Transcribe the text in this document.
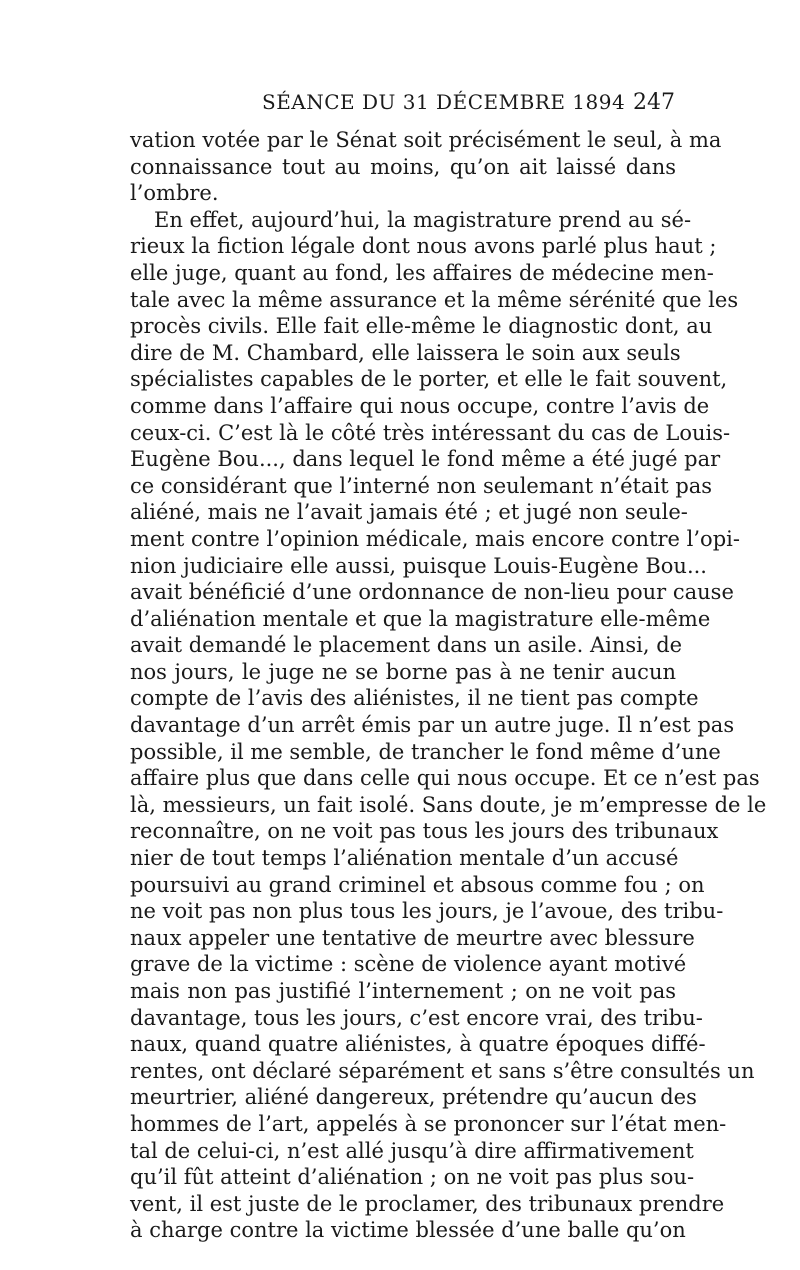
SÉANCE DU 31 DÉCEMBRE 1894 247
vation votée par le Sénat soit précisément le seul, à ma
connaissance tout au moins, qu’on ait laissé dans
l’ombre.
En effet, aujourd’hui, la magistrature prend au sé-
rieux la fiction légale dont nous avons parlé plus haut ;
elle juge, quant au fond, les affaires de médecine men-
tale avec la même assurance et la même sérénité que les
procès civils. Elle fait elle-même le diagnostic dont, au
dire de M. Chambard, elle laissera le soin aux seuls
spécialistes capables de le porter, et elle le fait souvent,
comme dans l’affaire qui nous occupe, contre l’avis de
ceux-ci. C’est là le côté très intéressant du cas de Louis-
Eugène Bou..., dans lequel le fond même a été jugé par
ce considérant que l’interné non seulemant n’était pas
aliéné, mais ne l’avait jamais été ; et jugé non seule-
ment contre l’opinion médicale, mais encore contre l’opi-
nion judiciaire elle aussi, puisque Louis-Eugène Bou...
avait bénéficié d’une ordonnance de non-lieu pour cause
d’aliénation mentale et que la magistrature elle-même
avait demandé le placement dans un asile. Ainsi, de
nos jours, le juge ne se borne pas à ne tenir aucun
compte de l’avis des aliénistes, il ne tient pas compte
davantage d’un arrêt émis par un autre juge. Il n’est pas
possible, il me semble, de trancher le fond même d’une
affaire plus que dans celle qui nous occupe. Et ce n’est pas
là, messieurs, un fait isolé. Sans doute, je m’empresse de le
reconnaître, on ne voit pas tous les jours des tribunaux
nier de tout temps l’aliénation mentale d’un accusé
poursuivi au grand criminel et absous comme fou ; on
ne voit pas non plus tous les jours, je l’avoue, des tribu-
naux appeler une tentative de meurtre avec blessure
grave de la victime : scène de violence ayant motivé
mais non pas justifié l’internement ; on ne voit pas
davantage, tous les jours, c’est encore vrai, des tribu-
naux, quand quatre aliénistes, à quatre époques diffé-
rentes, ont déclaré séparément et sans s’être consultés un
meurtrier, aliéné dangereux, prétendre qu’aucun des
hommes de l’art, appelés à se prononcer sur l’état men-
tal de celui-ci, n’est allé jusqu’à dire affirmativement
qu’il fût atteint d’aliénation ; on ne voit pas plus sou-
vent, il est juste de le proclamer, des tribunaux prendre
à charge contre la victime blessée d’une balle qu’on
